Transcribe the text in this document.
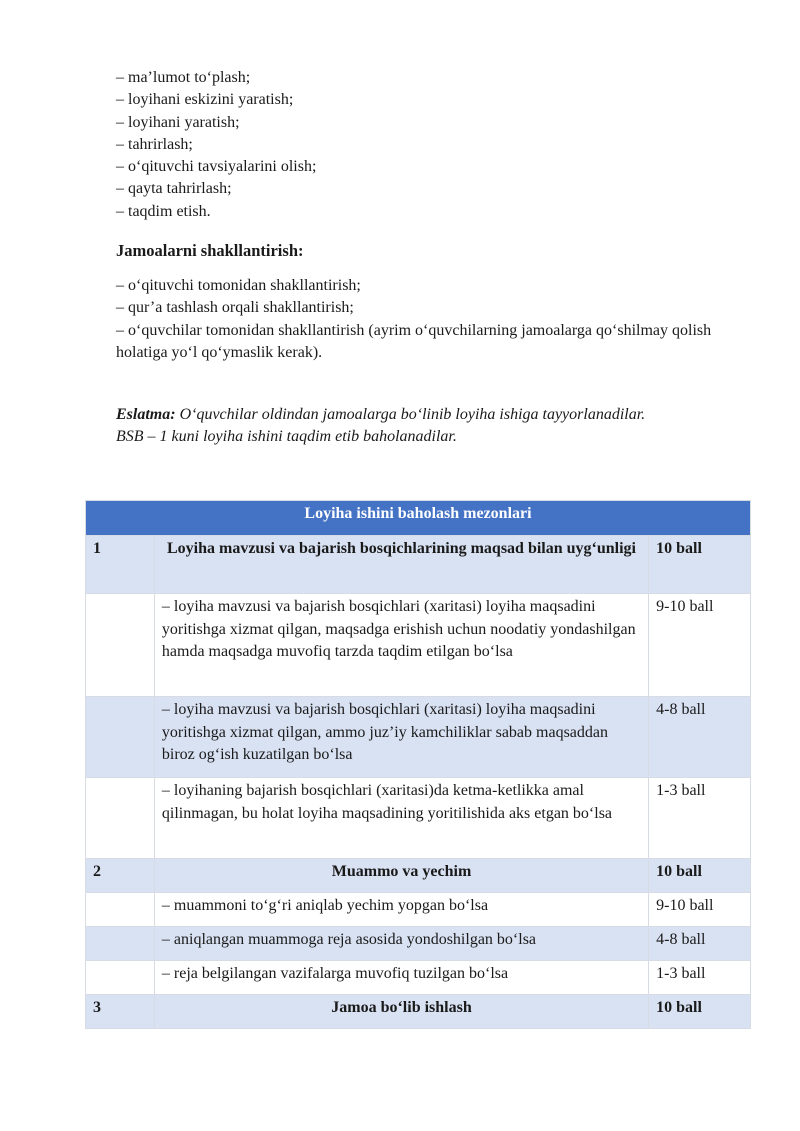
– ma’lumot to‘plash;
– loyihani eskizini yaratish;
– loyihani yaratish;
– tahrirlash;
– o‘qituvchi tavsiyalarini olish;
– qayta tahrirlash;
– taqdim etish.
Jamoalarni shakllantirish:
– o‘qituvchi tomonidan shakllantirish;
– qur’a tashlash orqali shakllantirish;
– o‘quvchilar tomonidan shakllantirish (ayrim o‘quvchilarning jamoalarga qo‘shilmay qolish holatiga yo‘l qo‘ymaslik kerak).
Eslatma: O‘quvchilar oldindan jamoalarga bo‘linib loyiha ishiga tayyorlanadilar. BSB – 1 kuni loyiha ishini taqdim etib baholanadilar.
Loyiha ishini baholash mezonlari		
1	Loyiha mavzusi va bajarish bosqichlarining maqsad bilan uyg‘unligi	10 ball
	– loyiha mavzusi va bajarish bosqichlari (xaritasi) loyiha maqsadini yoritishga xizmat qilgan, maqsadga erishish uchun noodatiy yondashilgan hamda maqsadga muvofiq tarzda taqdim etilgan bo‘lsa	9-10 ball
	– loyiha mavzusi va bajarish bosqichlari (xaritasi) loyiha maqsadini yoritishga xizmat qilgan, ammo juz’iy kamchiliklar sabab maqsaddan biroz og‘ish kuzatilgan bo‘lsa	4-8 ball
	– loyihaning bajarish bosqichlari (xaritasi)da ketma-ketlikka amal qilinmagan, bu holat loyiha maqsadining yoritilishida aks etgan bo‘lsa	1-3 ball
2	Muammo va yechim	10 ball
	– muammoni to‘g‘ri aniqlab yechim yopgan bo‘lsa	9-10 ball
	– aniqlangan muammoga reja asosida yondoshilgan bo‘lsa	4-8 ball
	– reja belgilangan vazifalarga muvofiq tuzilgan bo‘lsa	1-3 ball
3	Jamoa bo‘lib ishlash	10 ball
